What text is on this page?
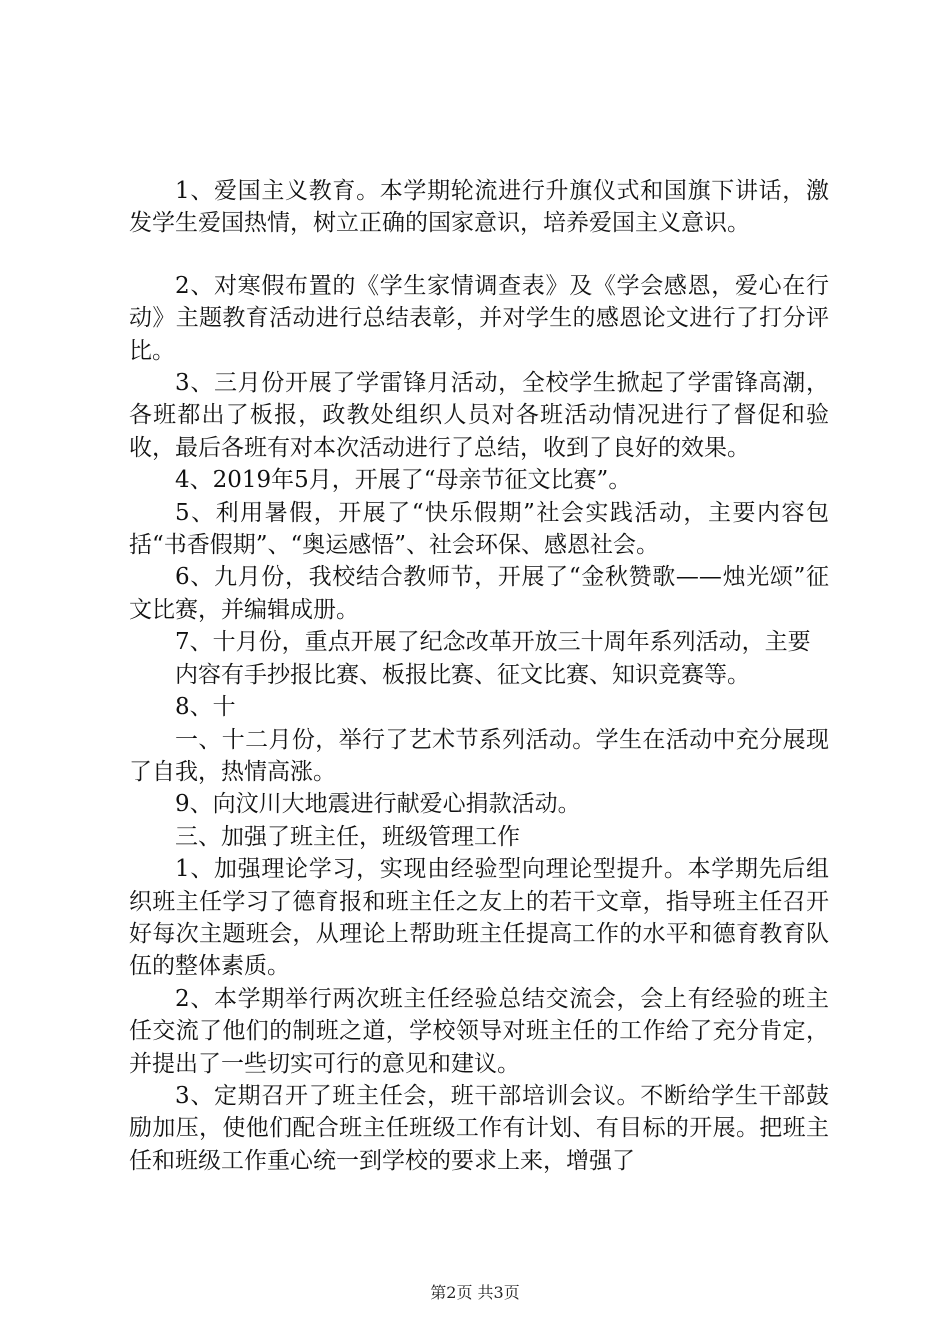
1、爱国主义教育。本学期轮流进行升旗仪式和国旗下讲话，激发学生爱国热情，树立正确的国家意识，培养爱国主义意识。

2、对寒假布置的《学生家情调查表》及《学会感恩，爱心在行动》主题教育活动进行总结表彰，并对学生的感恩论文进行了打分评比。

3、三月份开展了学雷锋月活动，全校学生掀起了学雷锋高潮，各班都出了板报，政教处组织人员对各班活动情况进行了督促和验收，最后各班有对本次活动进行了总结，收到了良好的效果。

4、2019年5月，开展了“母亲节征文比赛”。

5、利用暑假，开展了“快乐假期”社会实践活动，主要内容包括“书香假期”、“奥运感悟”、社会环保、感恩社会。

6、九月份，我校结合教师节，开展了“金秋赞歌——烛光颂”征文比赛，并编辑成册。

7、十月份，重点开展了纪念改革开放三十周年系列活动，主要

内容有手抄报比赛、板报比赛、征文比赛、知识竞赛等。

8、十

一、十二月份，举行了艺术节系列活动。学生在活动中充分展现了自我，热情高涨。

9、向汶川大地震进行献爱心捐款活动。

三、加强了班主任，班级管理工作

1、加强理论学习，实现由经验型向理论型提升。本学期先后组织班主任学习了德育报和班主任之友上的若干文章，指导班主任召开好每次主题班会，从理论上帮助班主任提高工作的水平和德育教育队伍的整体素质。

2、本学期举行两次班主任经验总结交流会，会上有经验的班主任交流了他们的制班之道，学校领导对班主任的工作给了充分肯定，并提出了一些切实可行的意见和建议。

3、定期召开了班主任会，班干部培训会议。不断给学生干部鼓励加压，使他们配合班主任班级工作有计划、有目标的开展。把班主任和班级工作重心统一到学校的要求上来，增强了

第2页 共3页
